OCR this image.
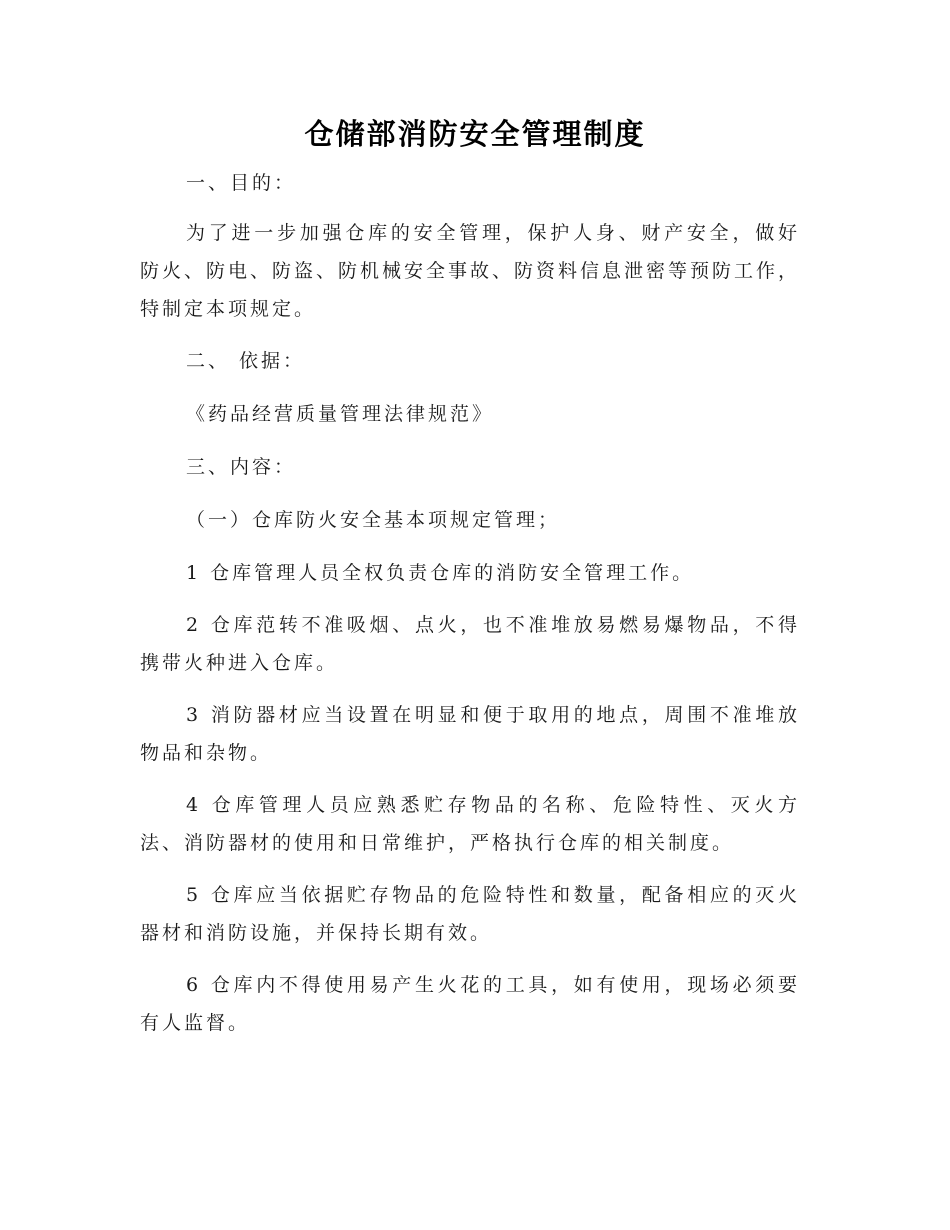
仓储部消防安全管理制度

一、目的：

为了进一步加强仓库的安全管理，保护人身、财产安全，做好防火、防电、防盗、防机械安全事故、防资料信息泄密等预防工作，特制定本项规定。

二、 依据：

《药品经营质量管理法律规范》

三、内容：

（一）仓库防火安全基本项规定管理；

1 仓库管理人员全权负责仓库的消防安全管理工作。

2 仓库范转不准吸烟、点火，也不准堆放易燃易爆物品，不得携带火种进入仓库。

3 消防器材应当设置在明显和便于取用的地点，周围不准堆放物品和杂物。

4 仓库管理人员应熟悉贮存物品的名称、危险特性、灭火方法、消防器材的使用和日常维护，严格执行仓库的相关制度。

5 仓库应当依据贮存物品的危险特性和数量，配备相应的灭火器材和消防设施，并保持长期有效。

6 仓库内不得使用易产生火花的工具，如有使用，现场必须要有人监督。
